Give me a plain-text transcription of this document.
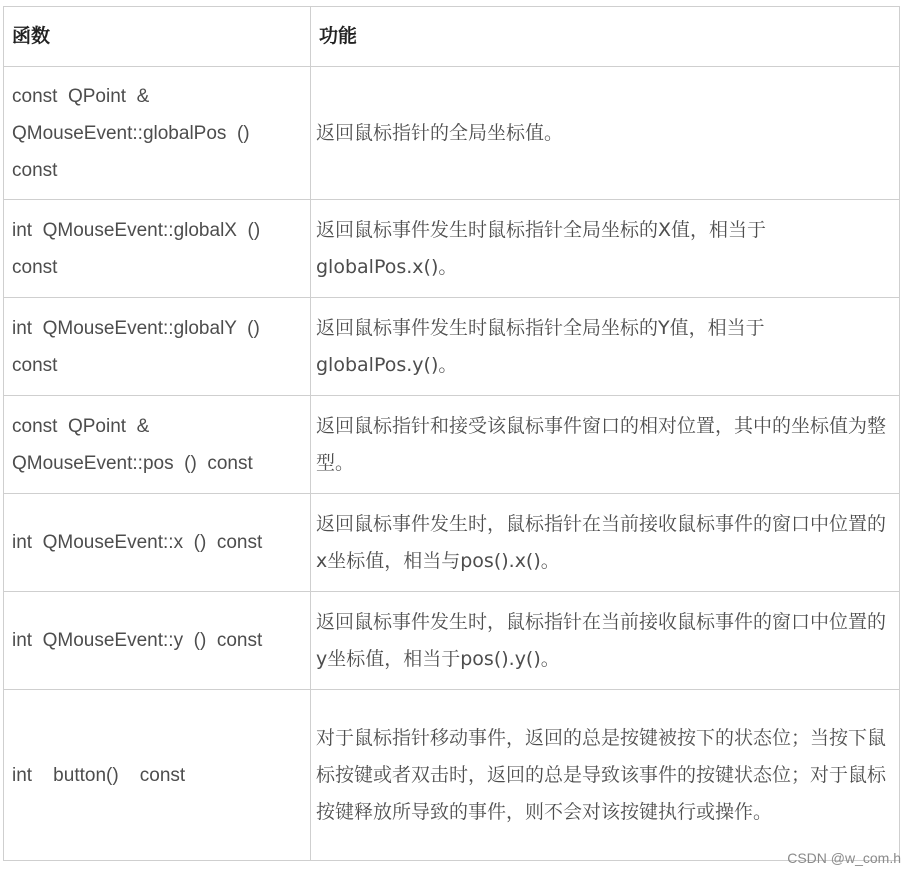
函数	功能
const  QPoint  &
QMouseEvent::globalPos  ()
const	返回鼠标指针的全局坐标值。
int  QMouseEvent::globalX  ()
const	返回鼠标事件发生时鼠标指针全局坐标的X值，相当于globalPos.x()。
int  QMouseEvent::globalY  ()
const	返回鼠标事件发生时鼠标指针全局坐标的Y值，相当于globalPos.y()。
const  QPoint  &
QMouseEvent::pos  ()  const	返回鼠标指针和接受该鼠标事件窗口的相对位置，其中的坐标值为整型。
int  QMouseEvent::x  ()  const	返回鼠标事件发生时，鼠标指针在当前接收鼠标事件的窗口中位置的x坐标值，相当与pos().x()。
int  QMouseEvent::y  ()  const	返回鼠标事件发生时，鼠标指针在当前接收鼠标事件的窗口中位置的y坐标值，相当于pos().y()。
int    button()    const	对于鼠标指针移动事件，返回的总是按键被按下的状态位；当按下鼠标按键或者双击时，返回的总是导致该事件的按键状态位；对于鼠标按键释放所导致的事件，则不会对该按键执行或操作。
CSDN @w_com.h
